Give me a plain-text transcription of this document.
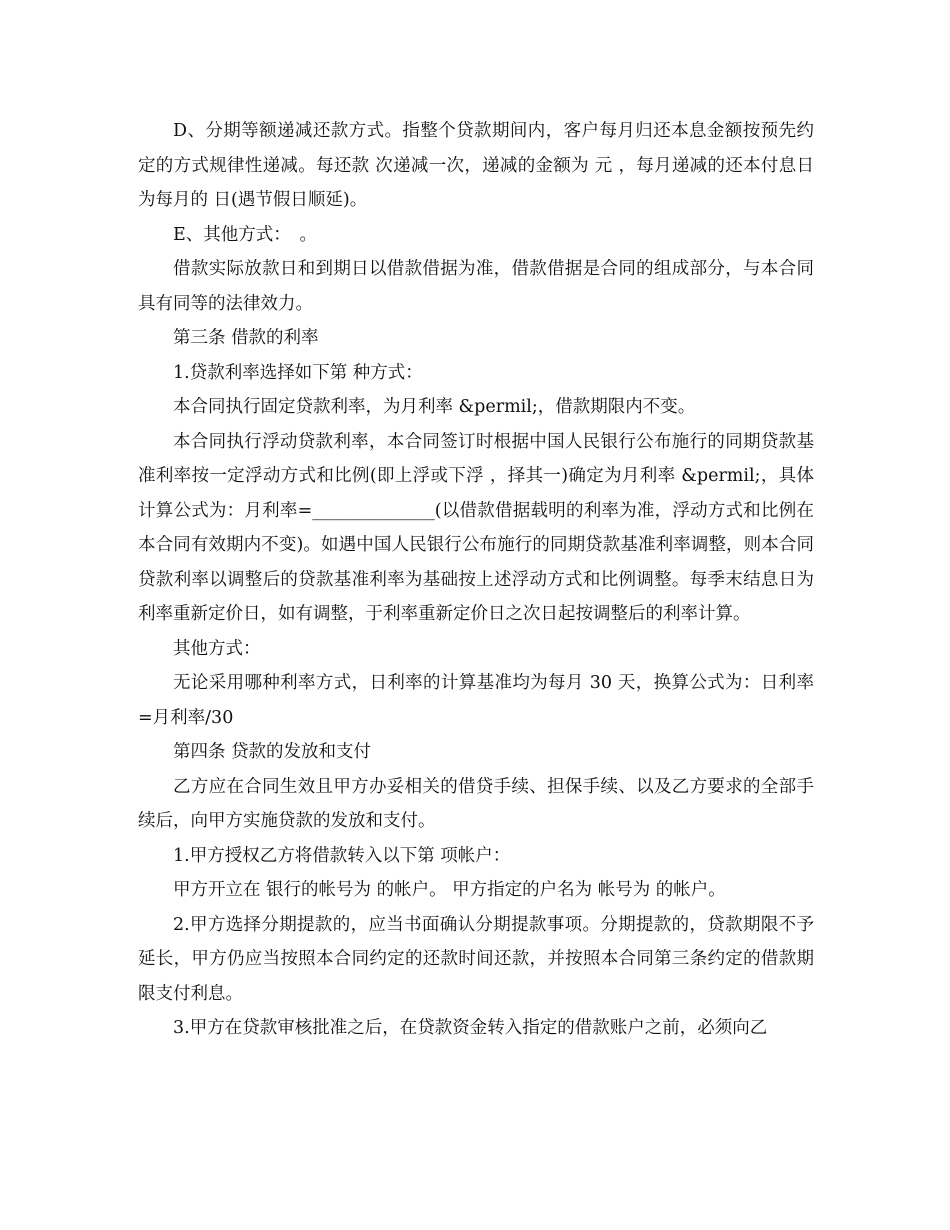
D、分期等额递减还款方式。指整个贷款期间内，客户每月归还本息金额按预先约定的方式规律性递减。每还款 次递减一次，递减的金额为 元 ，每月递减的还本付息日为每月的 日(遇节假日顺延)。

E、其他方式：　。

借款实际放款日和到期日以借款借据为准，借款借据是合同的组成部分，与本合同具有同等的法律效力。

第三条 借款的利率

1.贷款利率选择如下第 种方式：

本合同执行固定贷款利率，为月利率 &permil;，借款期限内不变。

本合同执行浮动贷款利率，本合同签订时根据中国人民银行公布施行的同期贷款基准利率按一定浮动方式和比例(即上浮或下浮 ，择其一)确定为月利率 &permil;，具体计算公式为：月利率=______________(以借款借据载明的利率为准，浮动方式和比例在本合同有效期内不变)。如遇中国人民银行公布施行的同期贷款基准利率调整，则本合同贷款利率以调整后的贷款基准利率为基础按上述浮动方式和比例调整。每季末结息日为利率重新定价日，如有调整，于利率重新定价日之次日起按调整后的利率计算。

其他方式：

无论采用哪种利率方式，日利率的计算基准均为每月 30 天，换算公式为：日利率=月利率/30

第四条 贷款的发放和支付

乙方应在合同生效且甲方办妥相关的借贷手续、担保手续、以及乙方要求的全部手续后，向甲方实施贷款的发放和支付。

1.甲方授权乙方将借款转入以下第 项帐户：

甲方开立在 银行的帐号为 的帐户。 甲方指定的户名为 帐号为 的帐户。

2.甲方选择分期提款的，应当书面确认分期提款事项。分期提款的，贷款期限不予延长，甲方仍应当按照本合同约定的还款时间还款，并按照本合同第三条约定的借款期限支付利息。

3.甲方在贷款审核批准之后，在贷款资金转入指定的借款账户之前，必须向乙
